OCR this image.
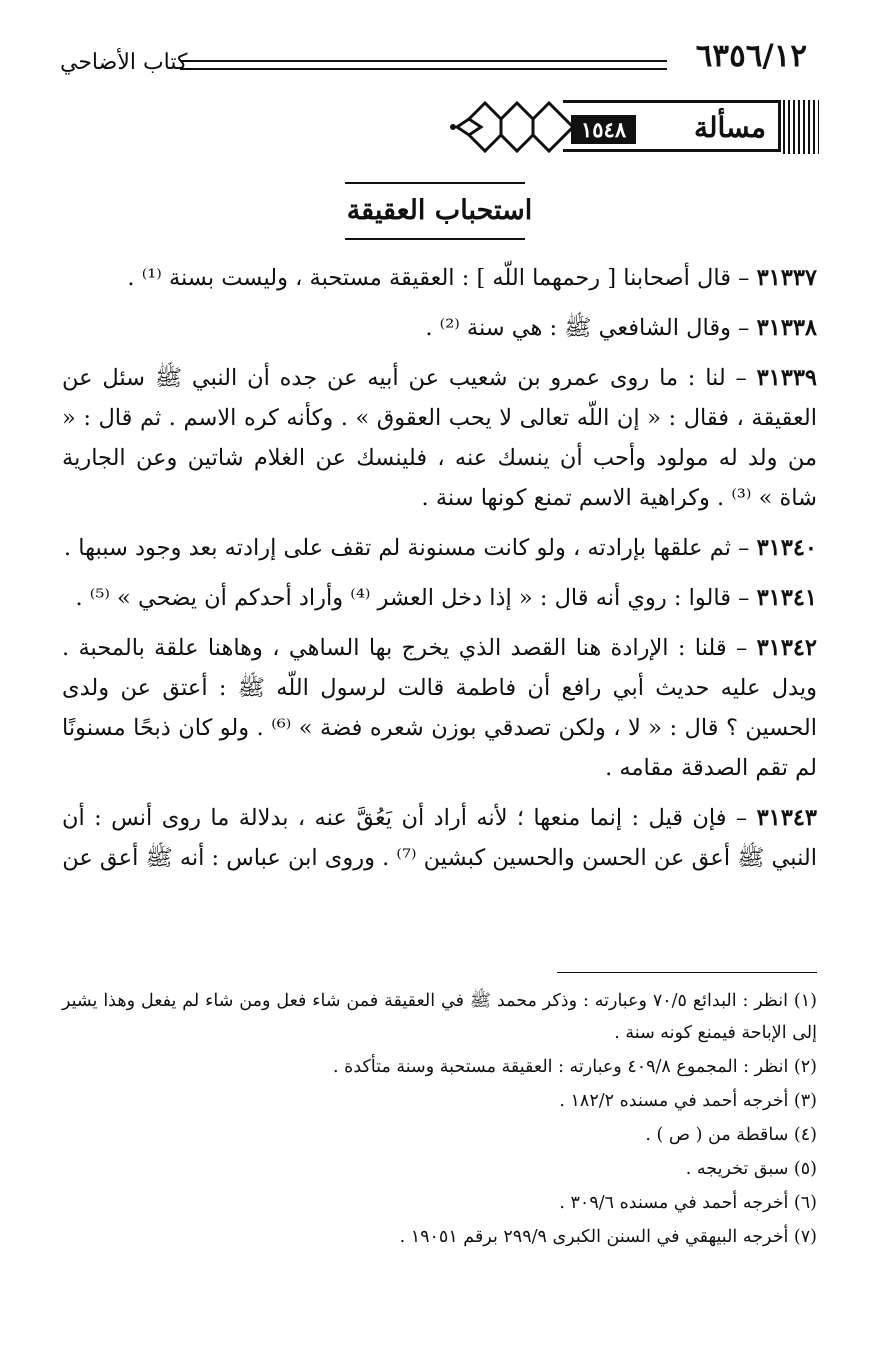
٦٣٥٦/١٢
كتاب الأضاحي
مسألة
١٥٤٨
استحباب العقيقة

٣١٣٣٧ – قال أصحابنا [ رحمهما اللّه ] : العقيقة مستحبة ، وليست بسنة ⁽¹⁾ .

٣١٣٣٨ – وقال الشافعي ﷺ : هي سنة ⁽²⁾ .

٣١٣٣٩ – لنا : ما روى عمرو بن شعيب عن أبيه عن جده أن النبي ﷺ سئل عن العقيقة ، فقال : « إن اللّه تعالى لا يحب العقوق » . وكأنه كره الاسم . ثم قال : « من ولد له مولود وأحب أن ينسك عنه ، فلينسك عن الغلام شاتين وعن الجارية شاة » ⁽³⁾ . وكراهية الاسم تمنع كونها سنة .

٣١٣٤٠ – ثم علقها بإرادته ، ولو كانت مسنونة لم تقف على إرادته بعد وجود سببها .

٣١٣٤١ – قالوا : روي أنه قال : « إذا دخل العشر ⁽⁴⁾ وأراد أحدكم أن يضحي » ⁽⁵⁾ .

٣١٣٤٢ – قلنا : الإرادة هنا القصد الذي يخرج بها الساهي ، وهاهنا علقة بالمحبة . ويدل عليه حديث أبي رافع أن فاطمة قالت لرسول اللّه ﷺ : أعتق عن ولدى الحسين ؟ قال : « لا ، ولكن تصدقي بوزن شعره فضة » ⁽⁶⁾ . ولو كان ذبحًا مسنونًا لم تقم الصدقة مقامه .

٣١٣٤٣ – فإن قيل : إنما منعها ؛ لأنه أراد أن يَعُقَّ عنه ، بدلالة ما روى أنس : أن النبي ﷺ أعق عن الحسن والحسين كبشين ⁽⁷⁾ . وروى ابن عباس : أنه ﷺ أعق عن

(١) انظر : البدائع ٧٠/٥ وعبارته : وذكر محمد ﷺ في العقيقة فمن شاء فعل ومن شاء لم يفعل وهذا يشير إلى الإباحة فيمنع كونه سنة .

(٢) انظر : المجموع ٤٠٩/٨ وعبارته : العقيقة مستحبة وسنة متأكدة .

(٣) أخرجه أحمد في مسنده ١٨٢/٢ .

(٤) ساقطة من ( ص ) .

(٥) سبق تخريجه .

(٦) أخرجه أحمد في مسنده ٣٠٩/٦ .

(٧) أخرجه البيهقي في السنن الكبرى ٢٩٩/٩ برقم ١٩٠٥١ .
